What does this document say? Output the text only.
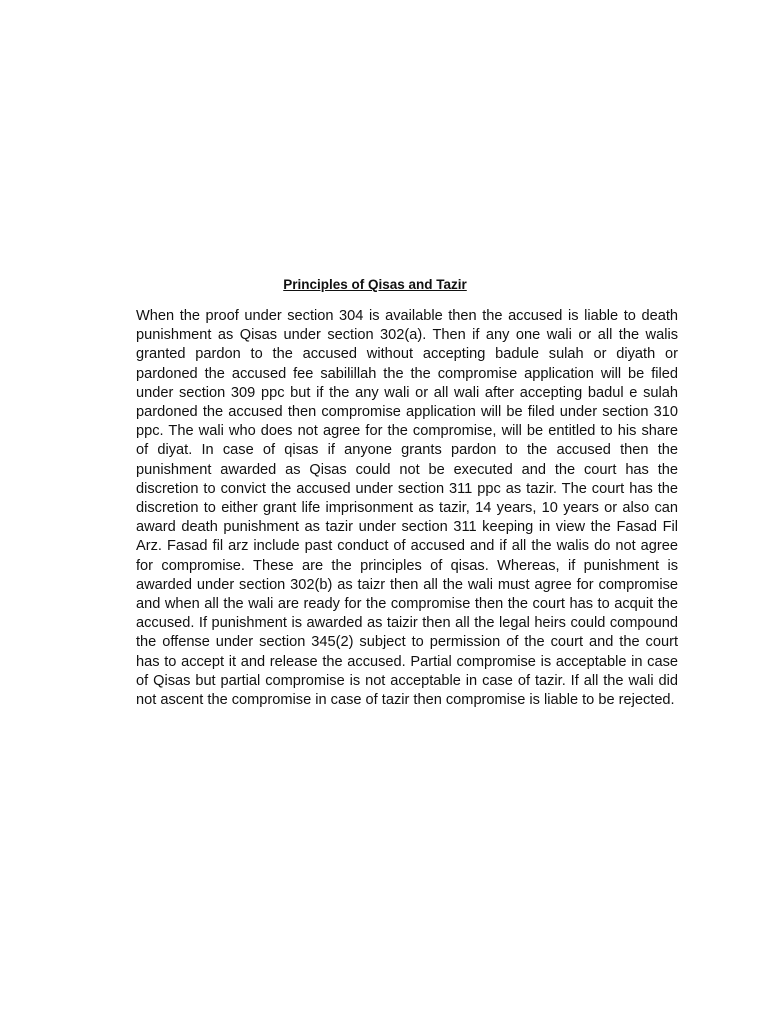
Principles of Qisas and Tazir

When the proof under section 304 is available then the accused is liable to death punishment as Qisas under section 302(a). Then if any one wali or all the walis granted pardon to the accused without accepting badule sulah or diyath or pardoned the accused fee sabilillah the the compromise application will be filed under section 309 ppc but if the any wali or all wali after accepting badul e sulah pardoned the accused then compromise application will be filed under section 310 ppc. The wali who does not agree for the compromise, will be entitled to his share of diyat. In case of qisas if anyone grants pardon to the accused then the punishment awarded as Qisas could not be executed and the court has the discretion to convict the accused under section 311 ppc as tazir. The court has the discretion to either grant life imprisonment as tazir, 14 years, 10 years or also can award death punishment as tazir under section 311 keeping in view the Fasad Fil Arz. Fasad fil arz include past conduct of accused and if all the walis do not agree for compromise. These are the principles of qisas. Whereas, if punishment is awarded under section 302(b) as taizr then all the wali must agree for compromise and when all the wali are ready for the compromise then the court has to acquit the accused. If punishment is awarded as taizir then all the legal heirs could compound the offense under section 345(2) subject to permission of the court and the court has to accept it and release the accused. Partial compromise is acceptable in case of Qisas but partial compromise is not acceptable in case of tazir. If all the wali did not ascent the compromise in case of tazir then compromise is liable to be rejected.
